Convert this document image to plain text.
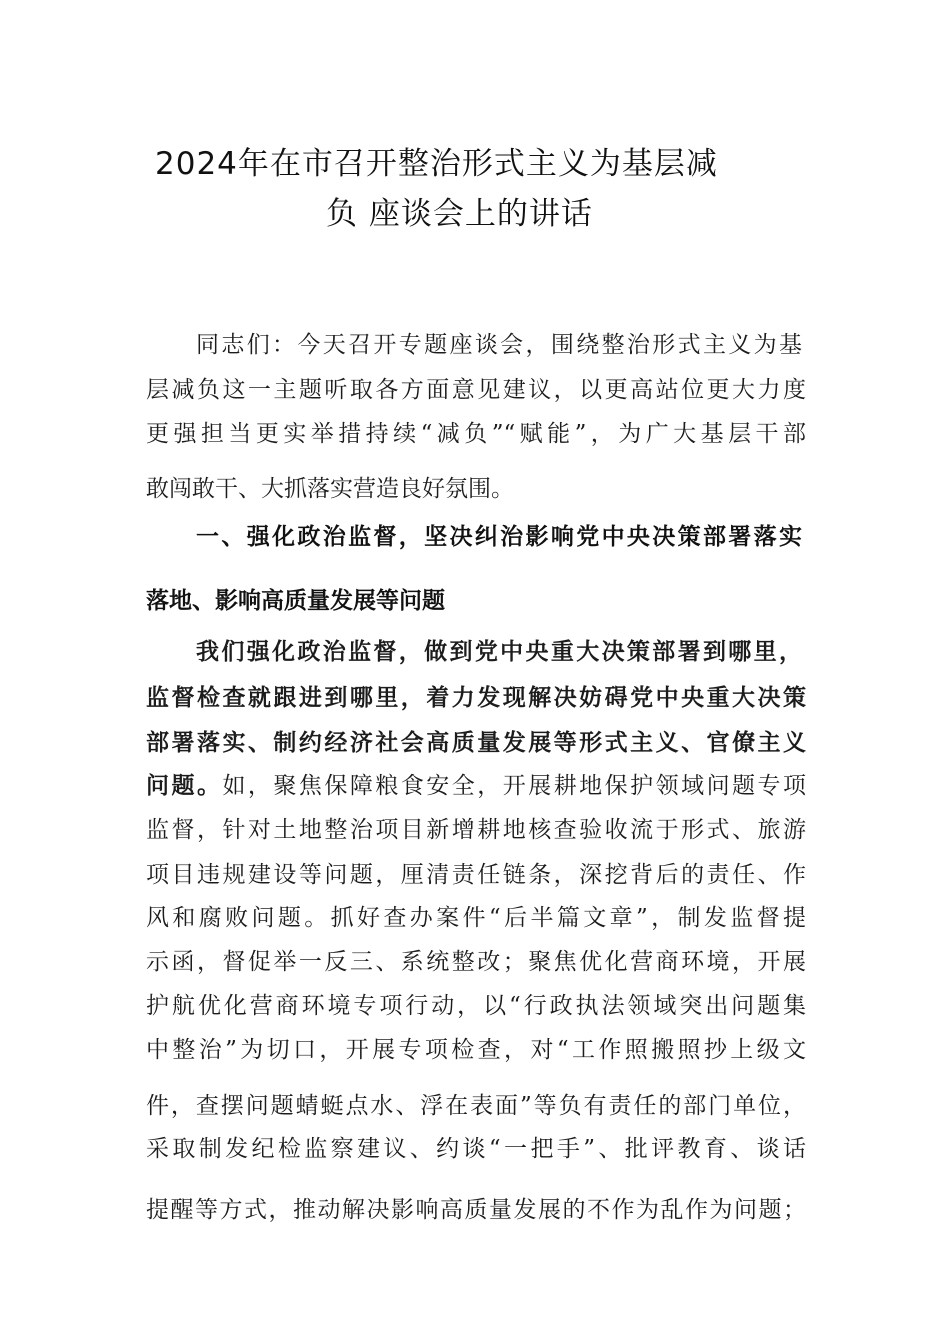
2024年在市召开整治形式主义为基层减
负 座谈会上的讲话
同志们：今天召开专题座谈会，围绕整治形式主义为基
层减负这一主题听取各方面意见建议，以更高站位更大力度
更强担当更实举措持续“减负”“赋能”，为广大基层干部
敢闯敢干、大抓落实营造良好氛围。
一、强化政治监督，坚决纠治影响党中央决策部署落实
落地、影响高质量发展等问题
我们强化政治监督，做到党中央重大决策部署到哪里，
监督检查就跟进到哪里，着力发现解决妨碍党中央重大决策
部署落实、制约经济社会高质量发展等形式主义、官僚主义
问题。如，聚焦保障粮食安全，开展耕地保护领域问题专项
监督，针对土地整治项目新增耕地核查验收流于形式、旅游
项目违规建设等问题，厘清责任链条，深挖背后的责任、作
风和腐败问题。抓好查办案件“后半篇文章”，制发监督提
示函，督促举一反三、系统整改；聚焦优化营商环境，开展
护航优化营商环境专项行动，以“行政执法领域突出问题集
中整治”为切口，开展专项检查，对“工作照搬照抄上级文
件，查摆问题蜻蜓点水、浮在表面”等负有责任的部门单位，
采取制发纪检监察建议、约谈“一把手”、批评教育、谈话
提醒等方式，推动解决影响高质量发展的不作为乱作为问题；
